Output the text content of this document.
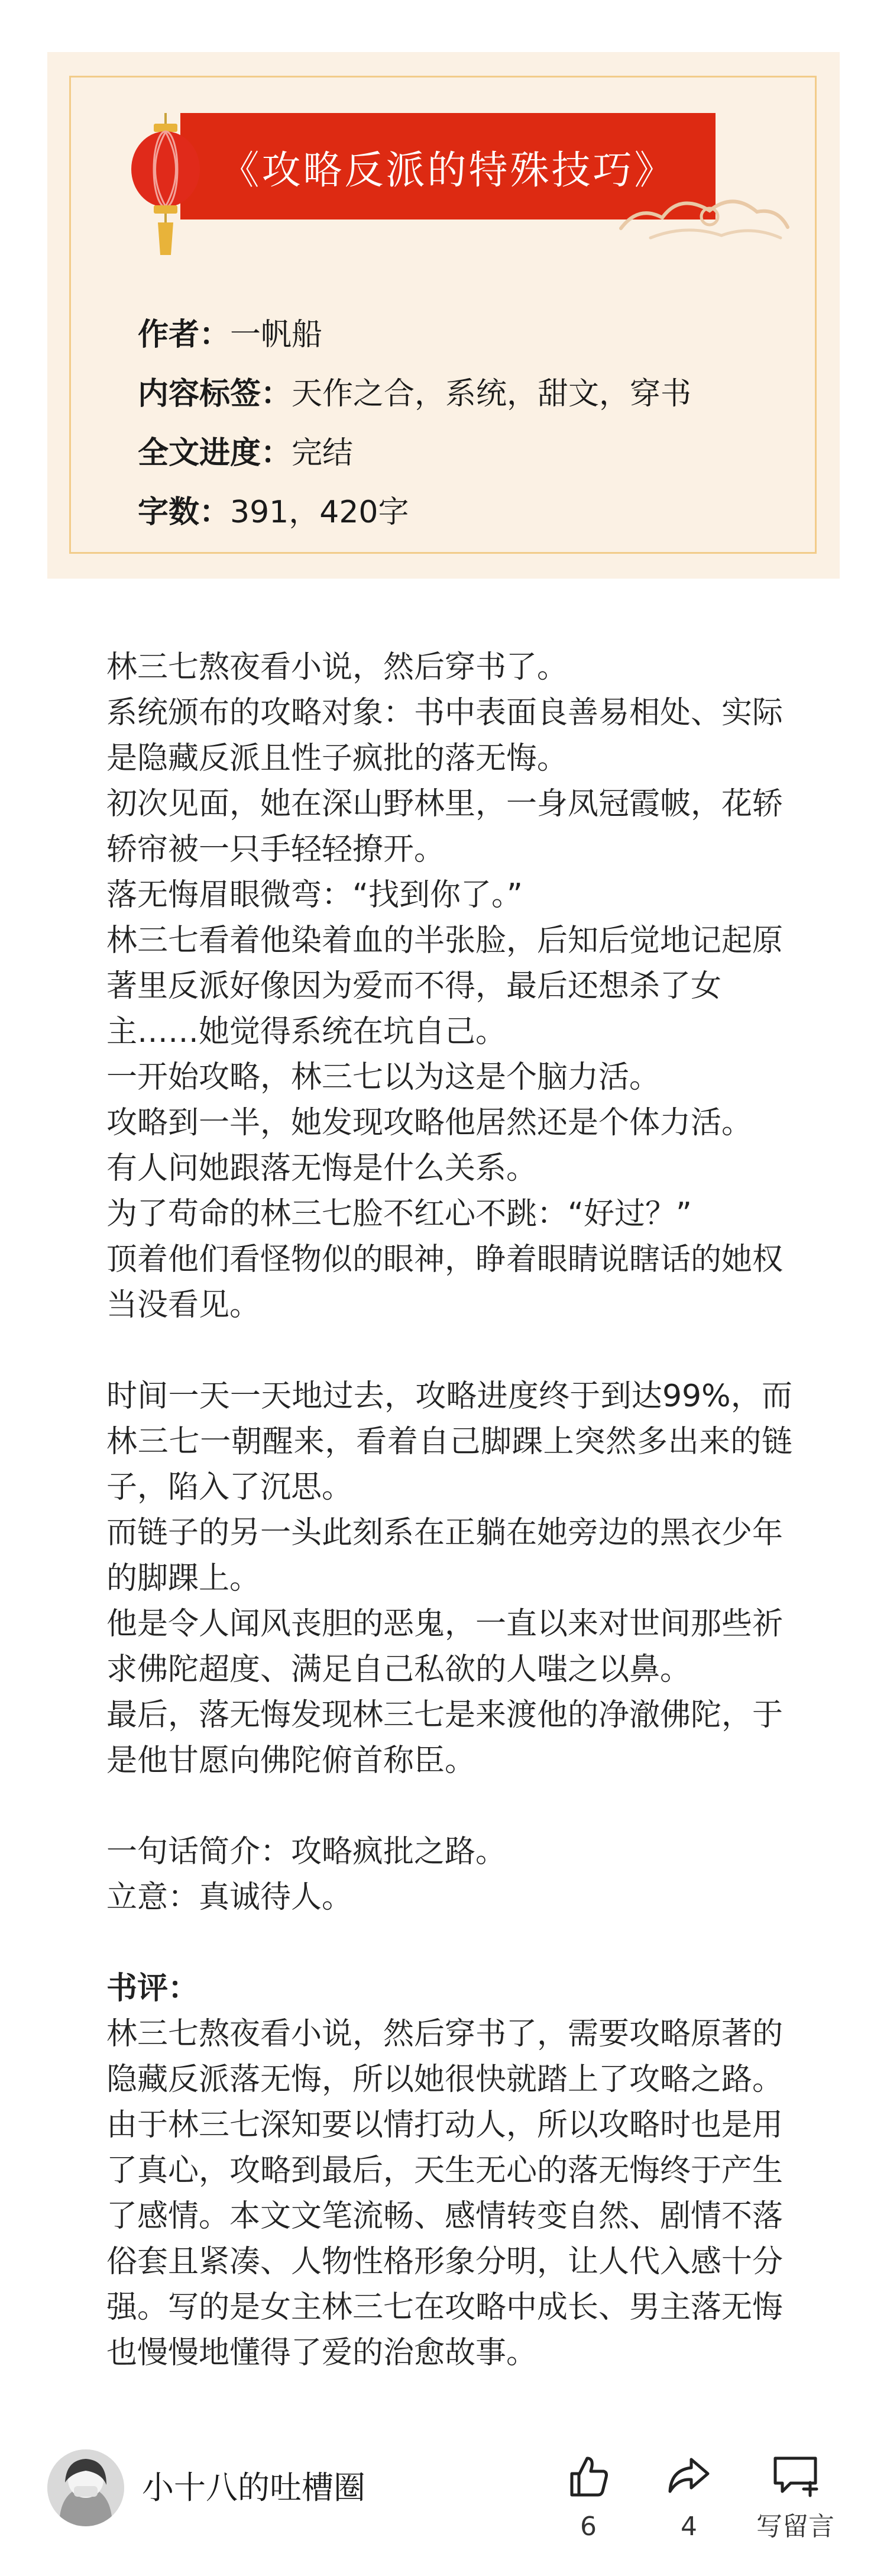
《攻略反派的特殊技巧》
作者：一帆船
内容标签：天作之合，系统，甜文，穿书
全文进度：完结
字数：391，420字

林三七熬夜看小说，然后穿书了。

系统颁布的攻略对象：书中表面良善易相处、实际是隐藏反派且性子疯批的落无悔。

初次见面，她在深山野林里，一身凤冠霞帔，花轿轿帘被一只手轻轻撩开。

落无悔眉眼微弯：“找到你了。”

林三七看着他染着血的半张脸，后知后觉地记起原著里反派好像因为爱而不得，最后还想杀了女主……她觉得系统在坑自己。

一开始攻略，林三七以为这是个脑力活。

攻略到一半，她发现攻略他居然还是个体力活。

有人问她跟落无悔是什么关系。

为了苟命的林三七脸不红心不跳：“好过？”

顶着他们看怪物似的眼神，睁着眼睛说瞎话的她权当没看见。

时间一天一天地过去，攻略进度终于到达99%，而林三七一朝醒来，看着自己脚踝上突然多出来的链子，陷入了沉思。

而链子的另一头此刻系在正躺在她旁边的黑衣少年的脚踝上。

他是令人闻风丧胆的恶鬼，一直以来对世间那些祈求佛陀超度、满足自己私欲的人嗤之以鼻。

最后，落无悔发现林三七是来渡他的净澈佛陀，于是他甘愿向佛陀俯首称臣。

一句话简介：攻略疯批之路。

立意：真诚待人。

书评：

林三七熬夜看小说，然后穿书了，需要攻略原著的隐藏反派落无悔，所以她很快就踏上了攻略之路。由于林三七深知要以情打动人，所以攻略时也是用了真心，攻略到最后，天生无心的落无悔终于产生了感情。本文文笔流畅、感情转变自然、剧情不落俗套且紧凑、人物性格形象分明，让人代入感十分强。写的是女主林三七在攻略中成长、男主落无悔也慢慢地懂得了爱的治愈故事。

小十八的吐槽圈
6	4	写留言
